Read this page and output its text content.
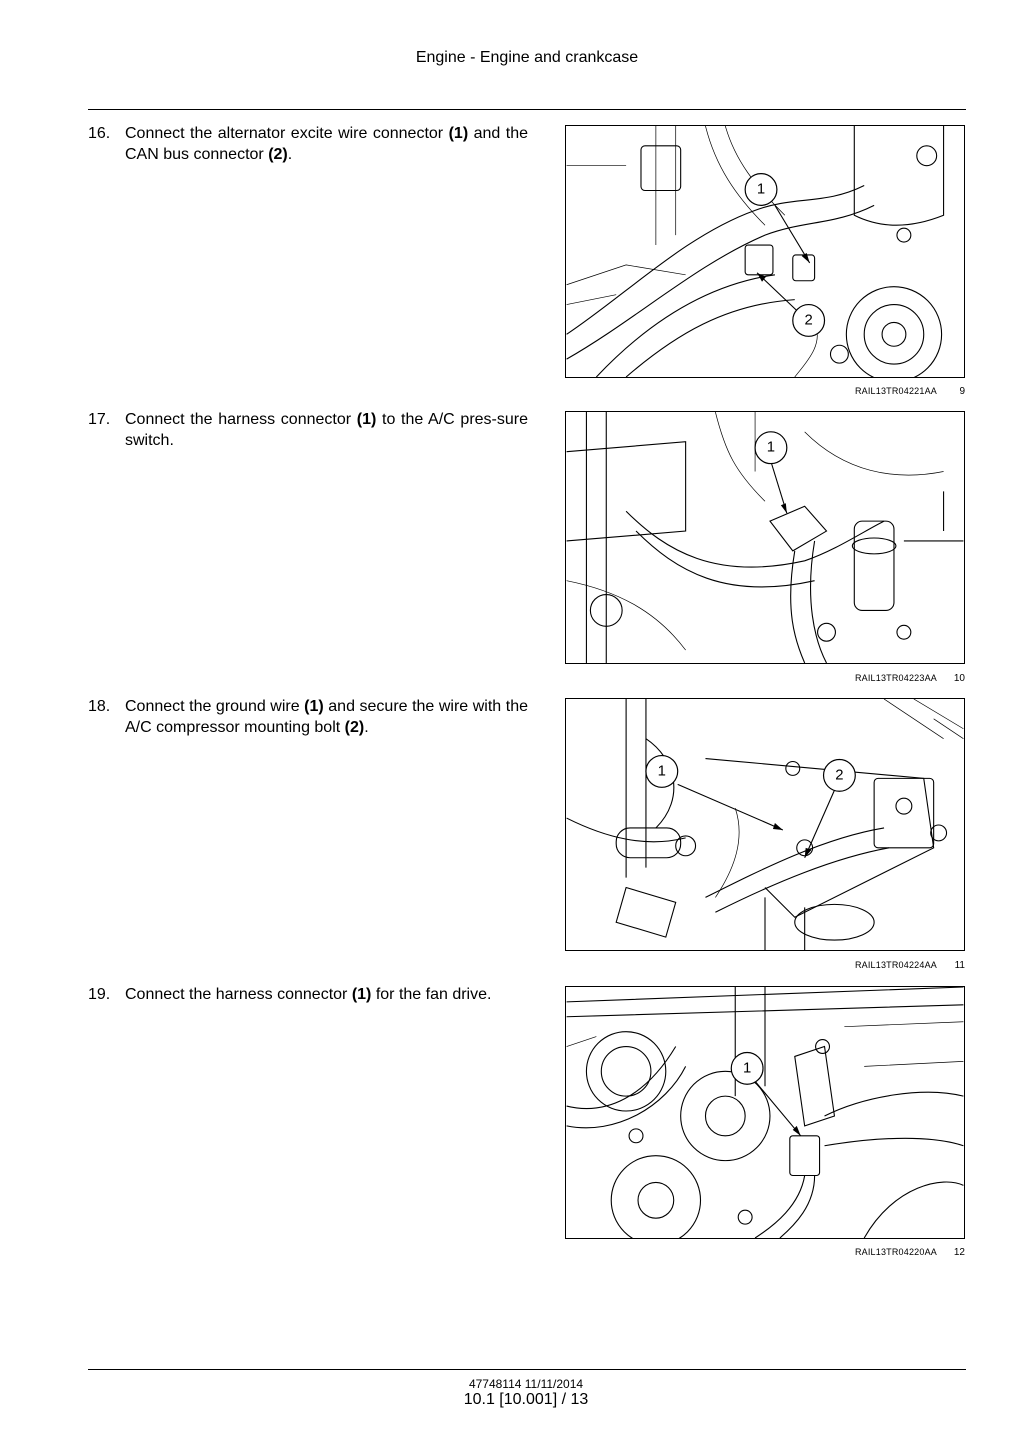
Engine - Engine and crankcase
16. Connect the alternator excite wire connector (1) and the CAN bus connector (2).
1
2
RAIL13TR04221AA 9
17. Connect the harness connector (1) to the A/C pres-sure switch.	1
RAIL13TR04223AA 10
18. Connect the ground wire (1) and secure the wire with the A/C compressor mounting bolt (2).
1	2
RAIL13TR04224AA 11
19. Connect the harness connector (1) for the fan drive.
1
RAIL13TR04220AA 12
47748114 11/11/2014
10.1 [10.001] / 13
